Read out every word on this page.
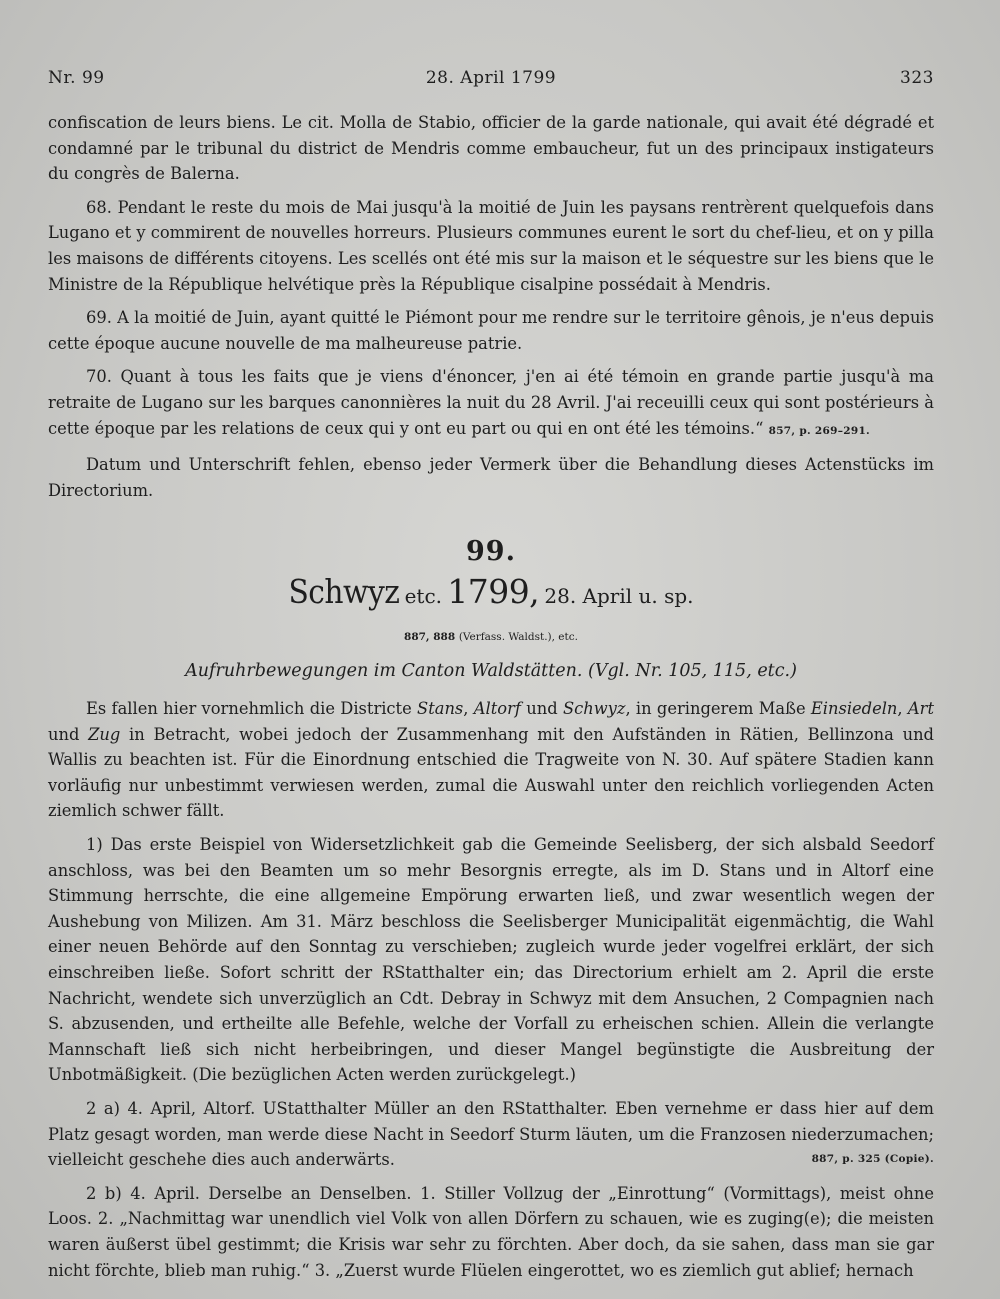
Nr. 99	28. April 1799	323

confiscation de leurs biens. Le cit. Molla de Stabio, officier de la garde nationale, qui avait été dégradé et condamné par le tribunal du district de Mendris comme embaucheur, fut un des principaux instigateurs du congrès de Balerna.

68. Pendant le reste du mois de Mai jusqu'à la moitié de Juin les paysans rentrèrent quelquefois dans Lugano et y commirent de nouvelles horreurs. Plusieurs communes eurent le sort du chef-lieu, et on y pilla les maisons de différents citoyens. Les scellés ont été mis sur la maison et le séquestre sur les biens que le Ministre de la République helvétique près la République cisalpine possédait à Mendris.

69. A la moitié de Juin, ayant quitté le Piémont pour me rendre sur le territoire gênois, je n'eus depuis cette époque aucune nouvelle de ma malheureuse patrie.

70. Quant à tous les faits que je viens d'énoncer, j'en ai été témoin en grande partie jusqu'à ma retraite de Lugano sur les barques canonnières la nuit du 28 Avril. J'ai receuilli ceux qui sont postérieurs à cette époque par les relations de ceux qui y ont eu part ou qui en ont été les témoins.“ 857, p. 269–291.

Datum und Unterschrift fehlen, ebenso jeder Vermerk über die Behandlung dieses Actenstücks im Directorium.

99.
Schwyz etc. 1799, 28. April u. sp.
887, 888 (Verfass. Waldst.), etc.
Aufruhrbewegungen im Canton Waldstätten. (Vgl. Nr. 105, 115, etc.)

Es fallen hier vornehmlich die Districte Stans, Altorf und Schwyz, in geringerem Maße Einsiedeln, Art und Zug in Betracht, wobei jedoch der Zusammenhang mit den Aufständen in Rätien, Bellinzona und Wallis zu beachten ist. Für die Einordnung entschied die Tragweite von N. 30. Auf spätere Stadien kann vorläufig nur unbestimmt verwiesen werden, zumal die Auswahl unter den reichlich vorliegenden Acten ziemlich schwer fällt.

1) Das erste Beispiel von Widersetzlichkeit gab die Gemeinde Seelisberg, der sich alsbald Seedorf anschloss, was bei den Beamten um so mehr Besorgnis erregte, als im D. Stans und in Altorf eine Stimmung herrschte, die eine allgemeine Empörung erwarten ließ, und zwar wesentlich wegen der Aushebung von Milizen. Am 31. März beschloss die Seelisberger Municipalität eigenmächtig, die Wahl einer neuen Behörde auf den Sonntag zu verschieben; zugleich wurde jeder vogelfrei erklärt, der sich einschreiben ließe. Sofort schritt der RStatthalter ein; das Directorium erhielt am 2. April die erste Nachricht, wendete sich unverzüglich an Cdt. Debray in Schwyz mit dem Ansuchen, 2 Compagnien nach S. abzusenden, und ertheilte alle Befehle, welche der Vorfall zu erheischen schien. Allein die verlangte Mannschaft ließ sich nicht herbeibringen, und dieser Mangel begünstigte die Ausbreitung der Unbotmäßigkeit. (Die bezüglichen Acten werden zurückgelegt.)

2 a) 4. April, Altorf. UStatthalter Müller an den RStatthalter. Eben vernehme er dass hier auf dem Platz gesagt worden, man werde diese Nacht in Seedorf Sturm läuten, um die Franzosen niederzumachen; vielleicht geschehe dies auch anderwärts.	887, p. 325 (Copie).

2 b) 4. April. Derselbe an Denselben. 1. Stiller Vollzug der „Einrottung“ (Vormittags), meist ohne Loos. 2. „Nachmittag war unendlich viel Volk von allen Dörfern zu schauen, wie es zuging(e); die meisten waren äußerst übel gestimmt; die Krisis war sehr zu förchten. Aber doch, da sie sahen, dass man sie gar nicht förchte, blieb man ruhig.“ 3. „Zuerst wurde Flüelen eingerottet, wo es ziemlich gut ablief; hernach
